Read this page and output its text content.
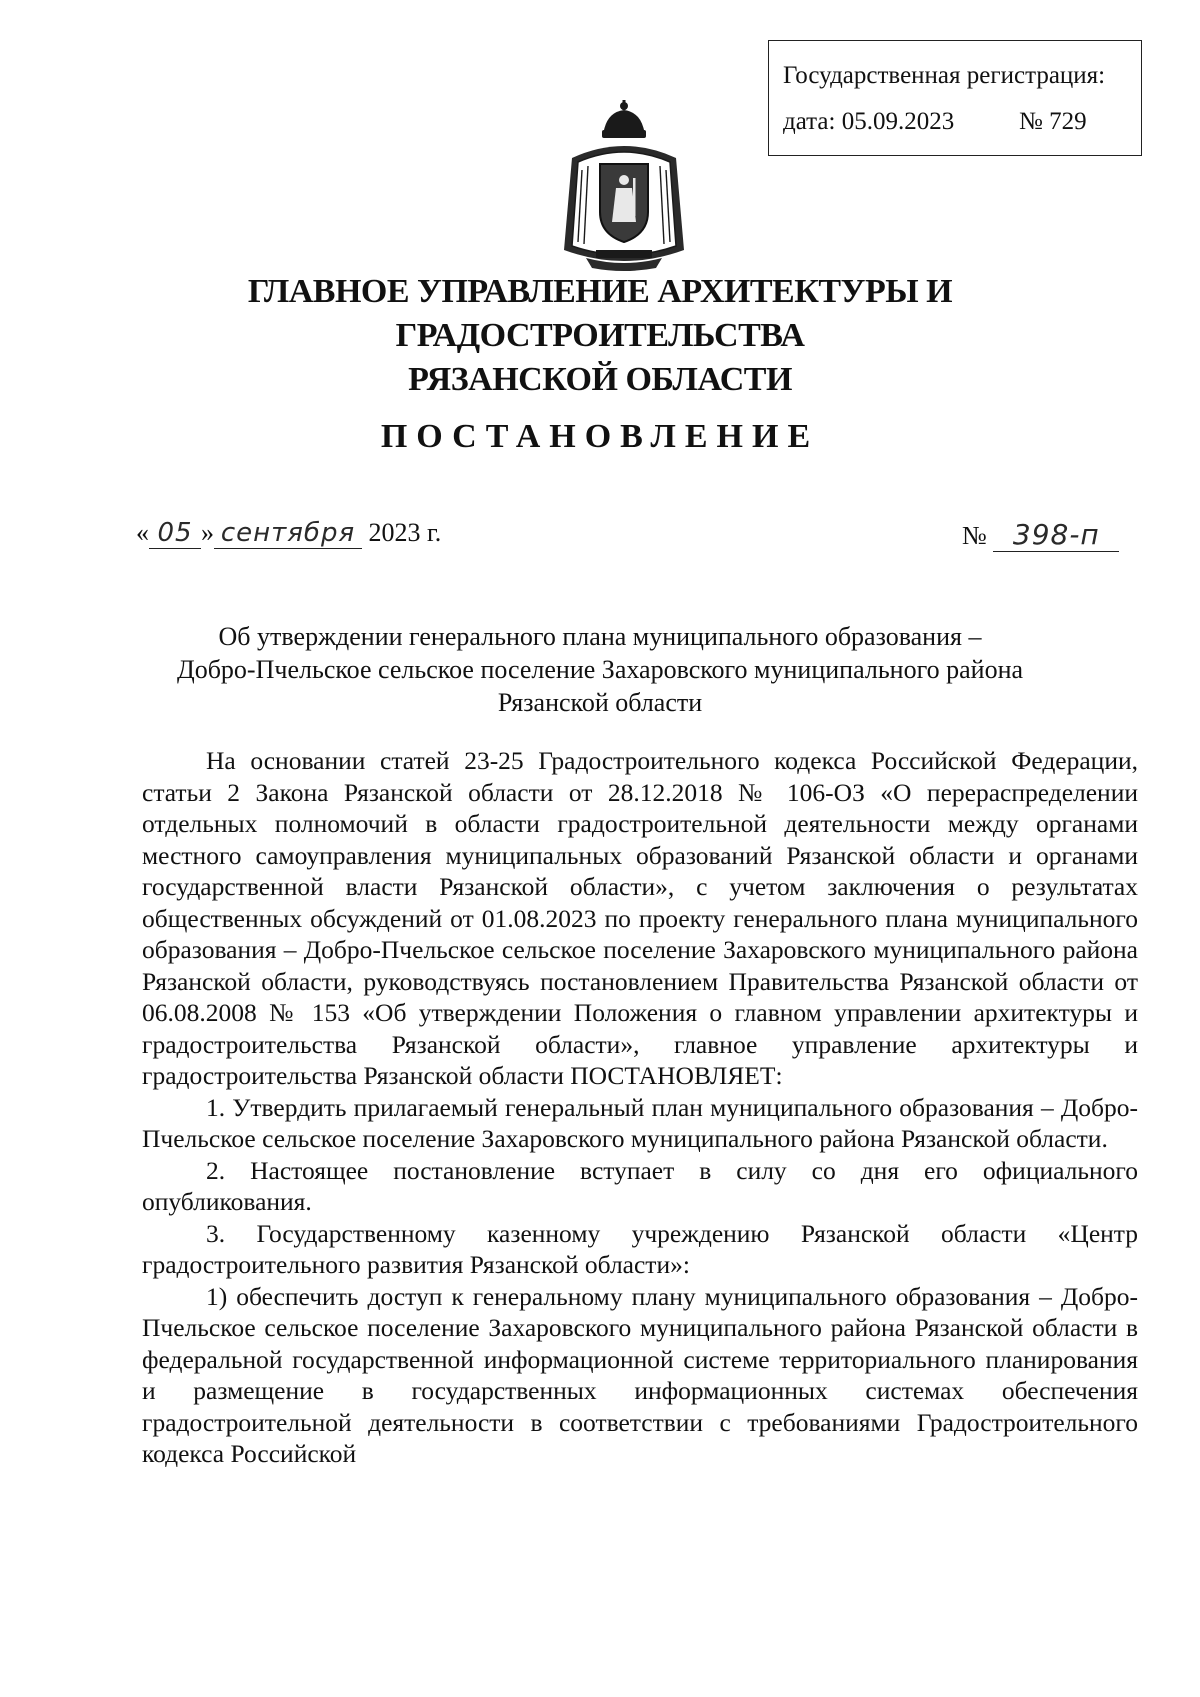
Государственная регистрация:
дата: 05.09.2023	№ 729
ГЛАВНОЕ УПРАВЛЕНИЕ АРХИТЕКТУРЫ И ГРАДОСТРОИТЕЛЬСТВА
РЯЗАНСКОЙ ОБЛАСТИ
ПОСТАНОВЛЕНИЕ
« 05 » сентября 2023 г.	№ 398-п
Об утверждении генерального плана муниципального образования –
Добро-Пчельское сельское поселение Захаровского муниципального района
Рязанской области

На основании статей 23-25 Градостроительного кодекса Российской Федерации, статьи 2 Закона Рязанской области от 28.12.2018 № 106-ОЗ «О перераспределении отдельных полномочий в области градостроительной деятельности между органами местного самоуправления муниципальных образований Рязанской области и органами государственной власти Рязанской области», с учетом заключения о результатах общественных обсуждений от 01.08.2023 по проекту генерального плана муниципального образования – Добро-Пчельское сельское поселение Захаровского муниципального района Рязанской области, руководствуясь постановлением Правительства Рязанской области от 06.08.2008 № 153 «Об утверждении Положения о главном управлении архитектуры и градостроительства Рязанской области», главное управление архитектуры и градостроительства Рязанской области ПОСТАНОВЛЯЕТ:

1. Утвердить прилагаемый генеральный план муниципального образования – Добро-Пчельское сельское поселение Захаровского муниципального района Рязанской области.

2. Настоящее постановление вступает в силу со дня его официального опубликования.

3. Государственному казенному учреждению Рязанской области «Центр градостроительного развития Рязанской области»:

1) обеспечить доступ к генеральному плану муниципального образования – Добро-Пчельское сельское поселение Захаровского муниципального района Рязанской области в федеральной государственной информационной системе территориального планирования и размещение в государственных информационных системах обеспечения градостроительной деятельности в соответствии с требованиями Градостроительного кодекса Российской
